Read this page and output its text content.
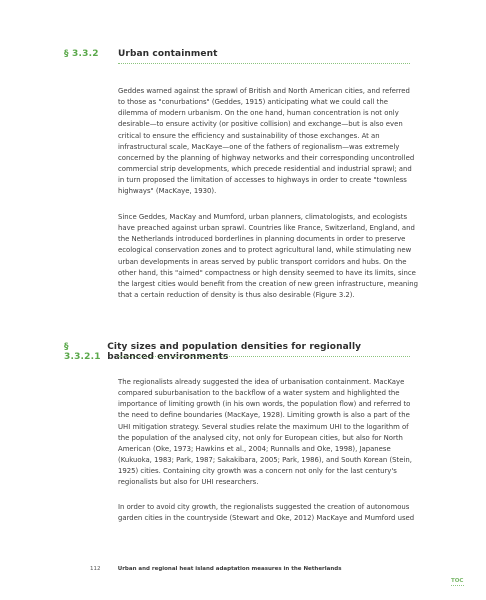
§ 3.3.2	Urban containment

Geddes warned against the sprawl of British and North American cities, and referred to those as "conurbations" (Geddes, 1915) anticipating what we could call the dilemma of modern urbanism. On the one hand, human concentration is not only desirable—to ensure activity (or positive collision) and exchange—but is also even critical to ensure the efficiency and sustainability of those exchanges. At an infrastructural scale, MacKaye—one of the fathers of regionalism—was extremely concerned by the planning of highway networks and their corresponding uncontrolled commercial strip developments, which precede residential and industrial sprawl; and in turn proposed the limitation of accesses to highways in order to create "townless highways" (MacKaye, 1930).

Since Geddes, MacKay and Mumford, urban planners, climatologists, and ecologists have preached against urban sprawl. Countries like France, Switzerland, England, and the Netherlands introduced borderlines in planning documents in order to preserve ecological conservation zones and to protect agricultural land, while stimulating new urban developments in areas served by public transport corridors and hubs. On the other hand, this "aimed" compactness or high density seemed to have its limits, since the largest cities would benefit from the creation of new green infrastructure, meaning that a certain reduction of density is thus also desirable (Figure 3.2).

§ 3.3.2.1
City sizes and population densities for regionally balanced environments

The regionalists already suggested the idea of urbanisation containment. MacKaye compared suburbanisation to the backflow of a water system and highlighted the importance of limiting growth (in his own words, the population flow) and referred to the need to define boundaries (MacKaye, 1928). Limiting growth is also a part of the UHI mitigation strategy. Several studies relate the maximum UHI to the logarithm of the population of the analysed city, not only for European cities, but also for North American (Oke, 1973; Hawkins et al., 2004; Runnalls and Oke, 1998), Japanese (Kukuoka, 1983; Park, 1987; Sakakibara, 2005; Park, 1986), and South Korean (Stein, 1925) cities. Containing city growth was a concern not only for the last century's regionalists but also for UHI researchers.

In order to avoid city growth, the regionalists suggested the creation of autonomous garden cities in the countryside (Stewart and Oke, 2012) MacKaye and Mumford used

112	Urban and regional heat island adaptation measures in the Netherlands
TOC
